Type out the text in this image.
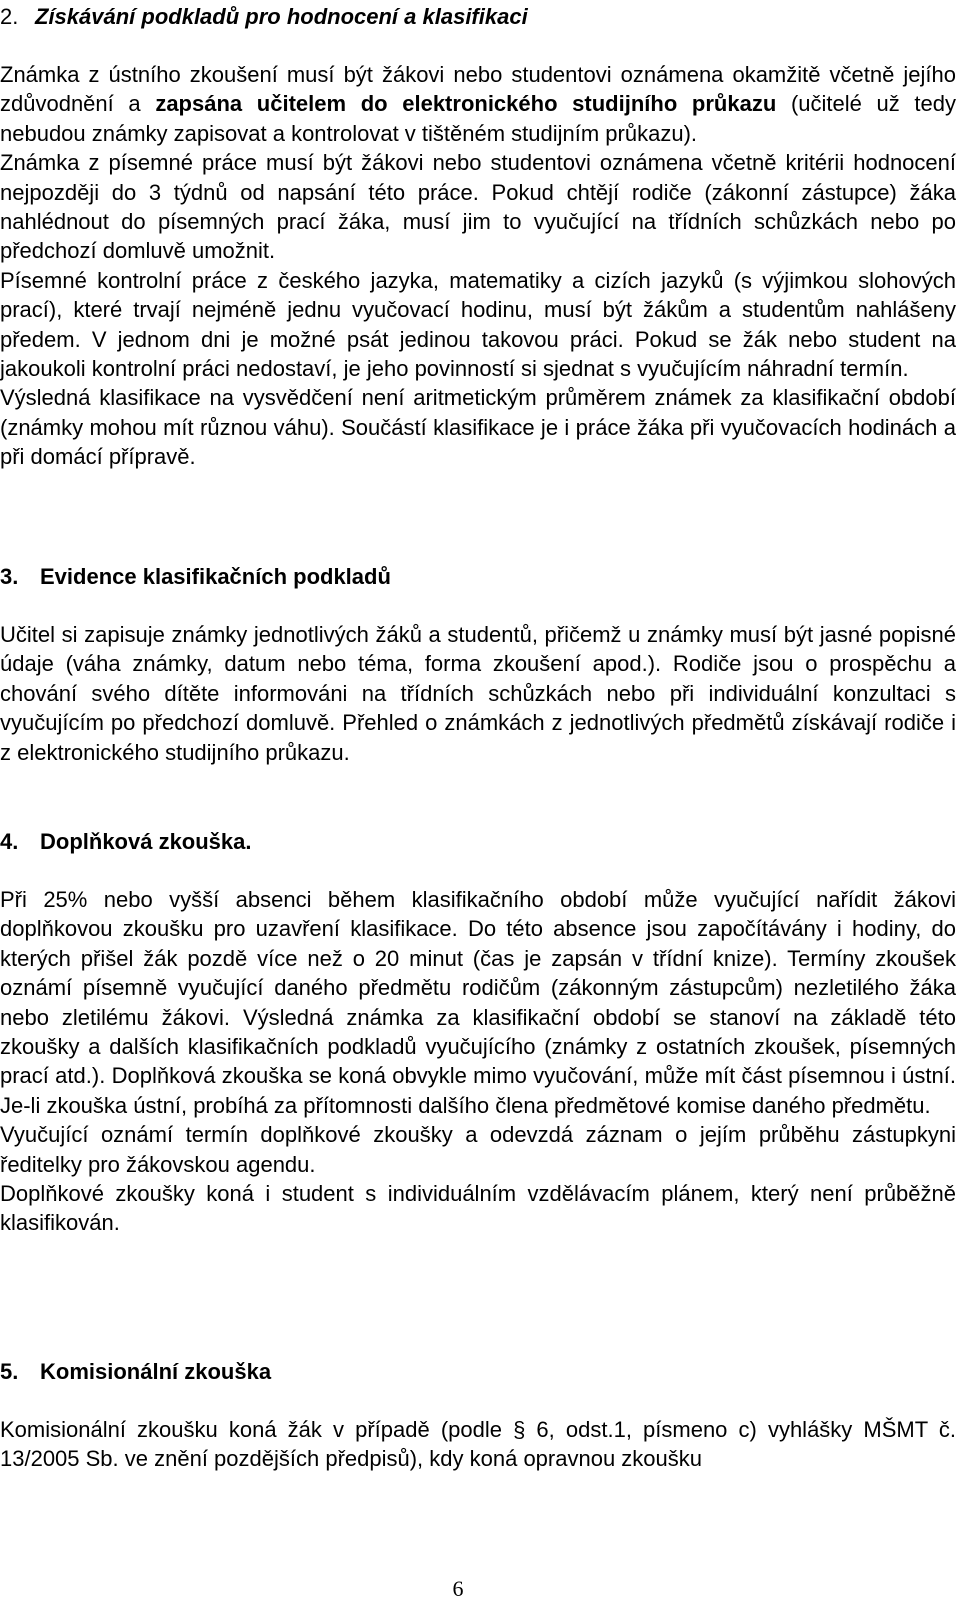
2. Získávání podkladů pro hodnocení a klasifikaci
Známka z ústního zkoušení musí být žákovi nebo studentovi oznámena okamžitě včetně jejího zdůvodnění a zapsána učitelem do elektronického studijního průkazu (učitelé už tedy nebudou známky zapisovat a kontrolovat v tištěném studijním průkazu).
Známka z písemné práce musí být žákovi nebo studentovi oznámena včetně kritérii hodnocení nejpozději do 3 týdnů od napsání této práce. Pokud chtějí rodiče (zákonní zástupce) žáka nahlédnout do písemných prací žáka, musí jim to vyučující na třídních schůzkách nebo po předchozí domluvě umožnit.
Písemné kontrolní práce z českého jazyka, matematiky a cizích jazyků (s výjimkou slohových prací), které trvají nejméně jednu vyučovací hodinu, musí být žákům a studentům nahlášeny předem. V jednom dni je možné psát jedinou takovou práci. Pokud se žák nebo student na jakoukoli kontrolní práci nedostaví, je jeho povinností si sjednat s vyučujícím náhradní termín.
Výsledná klasifikace na vysvědčení není aritmetickým průměrem známek za klasifikační období (známky mohou mít různou váhu). Součástí klasifikace je i práce žáka při vyučovacích hodinách a při domácí přípravě.
3. Evidence klasifikačních podkladů
Učitel si zapisuje známky jednotlivých žáků a studentů, přičemž u známky musí být jasné popisné údaje (váha známky, datum nebo téma, forma zkoušení apod.). Rodiče jsou o prospěchu a chování svého dítěte informováni na třídních schůzkách nebo při individuální konzultaci s vyučujícím po předchozí domluvě. Přehled o známkách z jednotlivých předmětů získávají rodiče i z elektronického studijního průkazu.
4. Doplňková zkouška.
Při 25% nebo vyšší absenci během klasifikačního období může vyučující nařídit žákovi doplňkovou zkoušku pro uzavření klasifikace. Do této absence jsou započítávány i hodiny, do kterých přišel žák pozdě více než o 20 minut (čas je zapsán v třídní knize). Termíny zkoušek oznámí písemně vyučující daného předmětu rodičům (zákonným zástupcům) nezletilého žáka nebo zletilému žákovi. Výsledná známka za klasifikační období se stanoví na základě této zkoušky a dalších klasifikačních podkladů vyučujícího (známky z ostatních zkoušek, písemných prací atd.). Doplňková zkouška se koná obvykle mimo vyučování, může mít část písemnou i ústní. Je-li zkouška ústní, probíhá za přítomnosti dalšího člena předmětové komise daného předmětu.
Vyučující oznámí termín doplňkové zkoušky a odevzdá záznam o jejím průběhu zástupkyni ředitelky pro žákovskou agendu.
Doplňkové zkoušky koná i student s individuálním vzdělávacím plánem, který není průběžně klasifikován.
5. Komisionální zkouška
Komisionální zkoušku koná žák v případě (podle § 6, odst.1, písmeno c) vyhlášky MŠMT č. 13/2005 Sb. ve znění pozdějších předpisů), kdy koná opravnou zkoušku
6
